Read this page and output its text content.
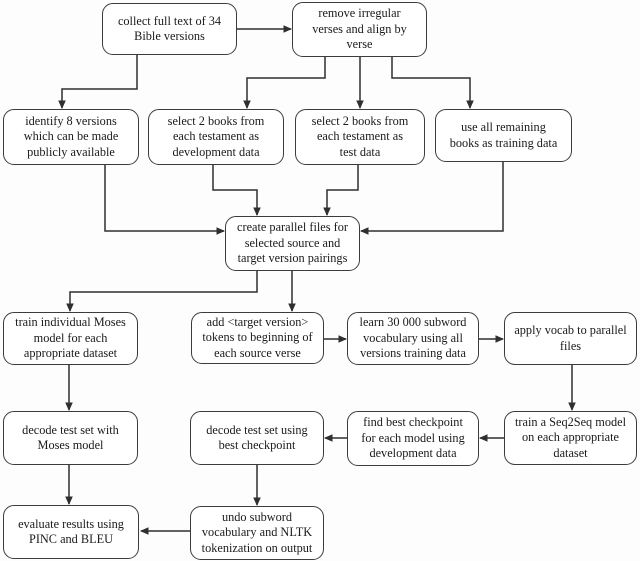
collect full text of 34
Bible versions
remove irregular
verses and align by
verse
identify 8 versions
which can be made
publicly available
select 2 books from
each testament as
development data
select 2 books from
each testament as
test data
use all remaining
books as training data
create parallel files for
selected source and
target version pairings
train individual Moses
model for each
appropriate dataset
add <target version>
tokens to beginning of
each source verse
learn 30 000 subword
vocabulary using all
versions training data
apply vocab to parallel
files
decode test set with
Moses model
decode test set using
best checkpoint
find best checkpoint
for each model using
development data
train a Seq2Seq model
on each appropriate
dataset
evaluate results using
PINC and BLEU
undo subword
vocabulary and NLTK
tokenization on output
